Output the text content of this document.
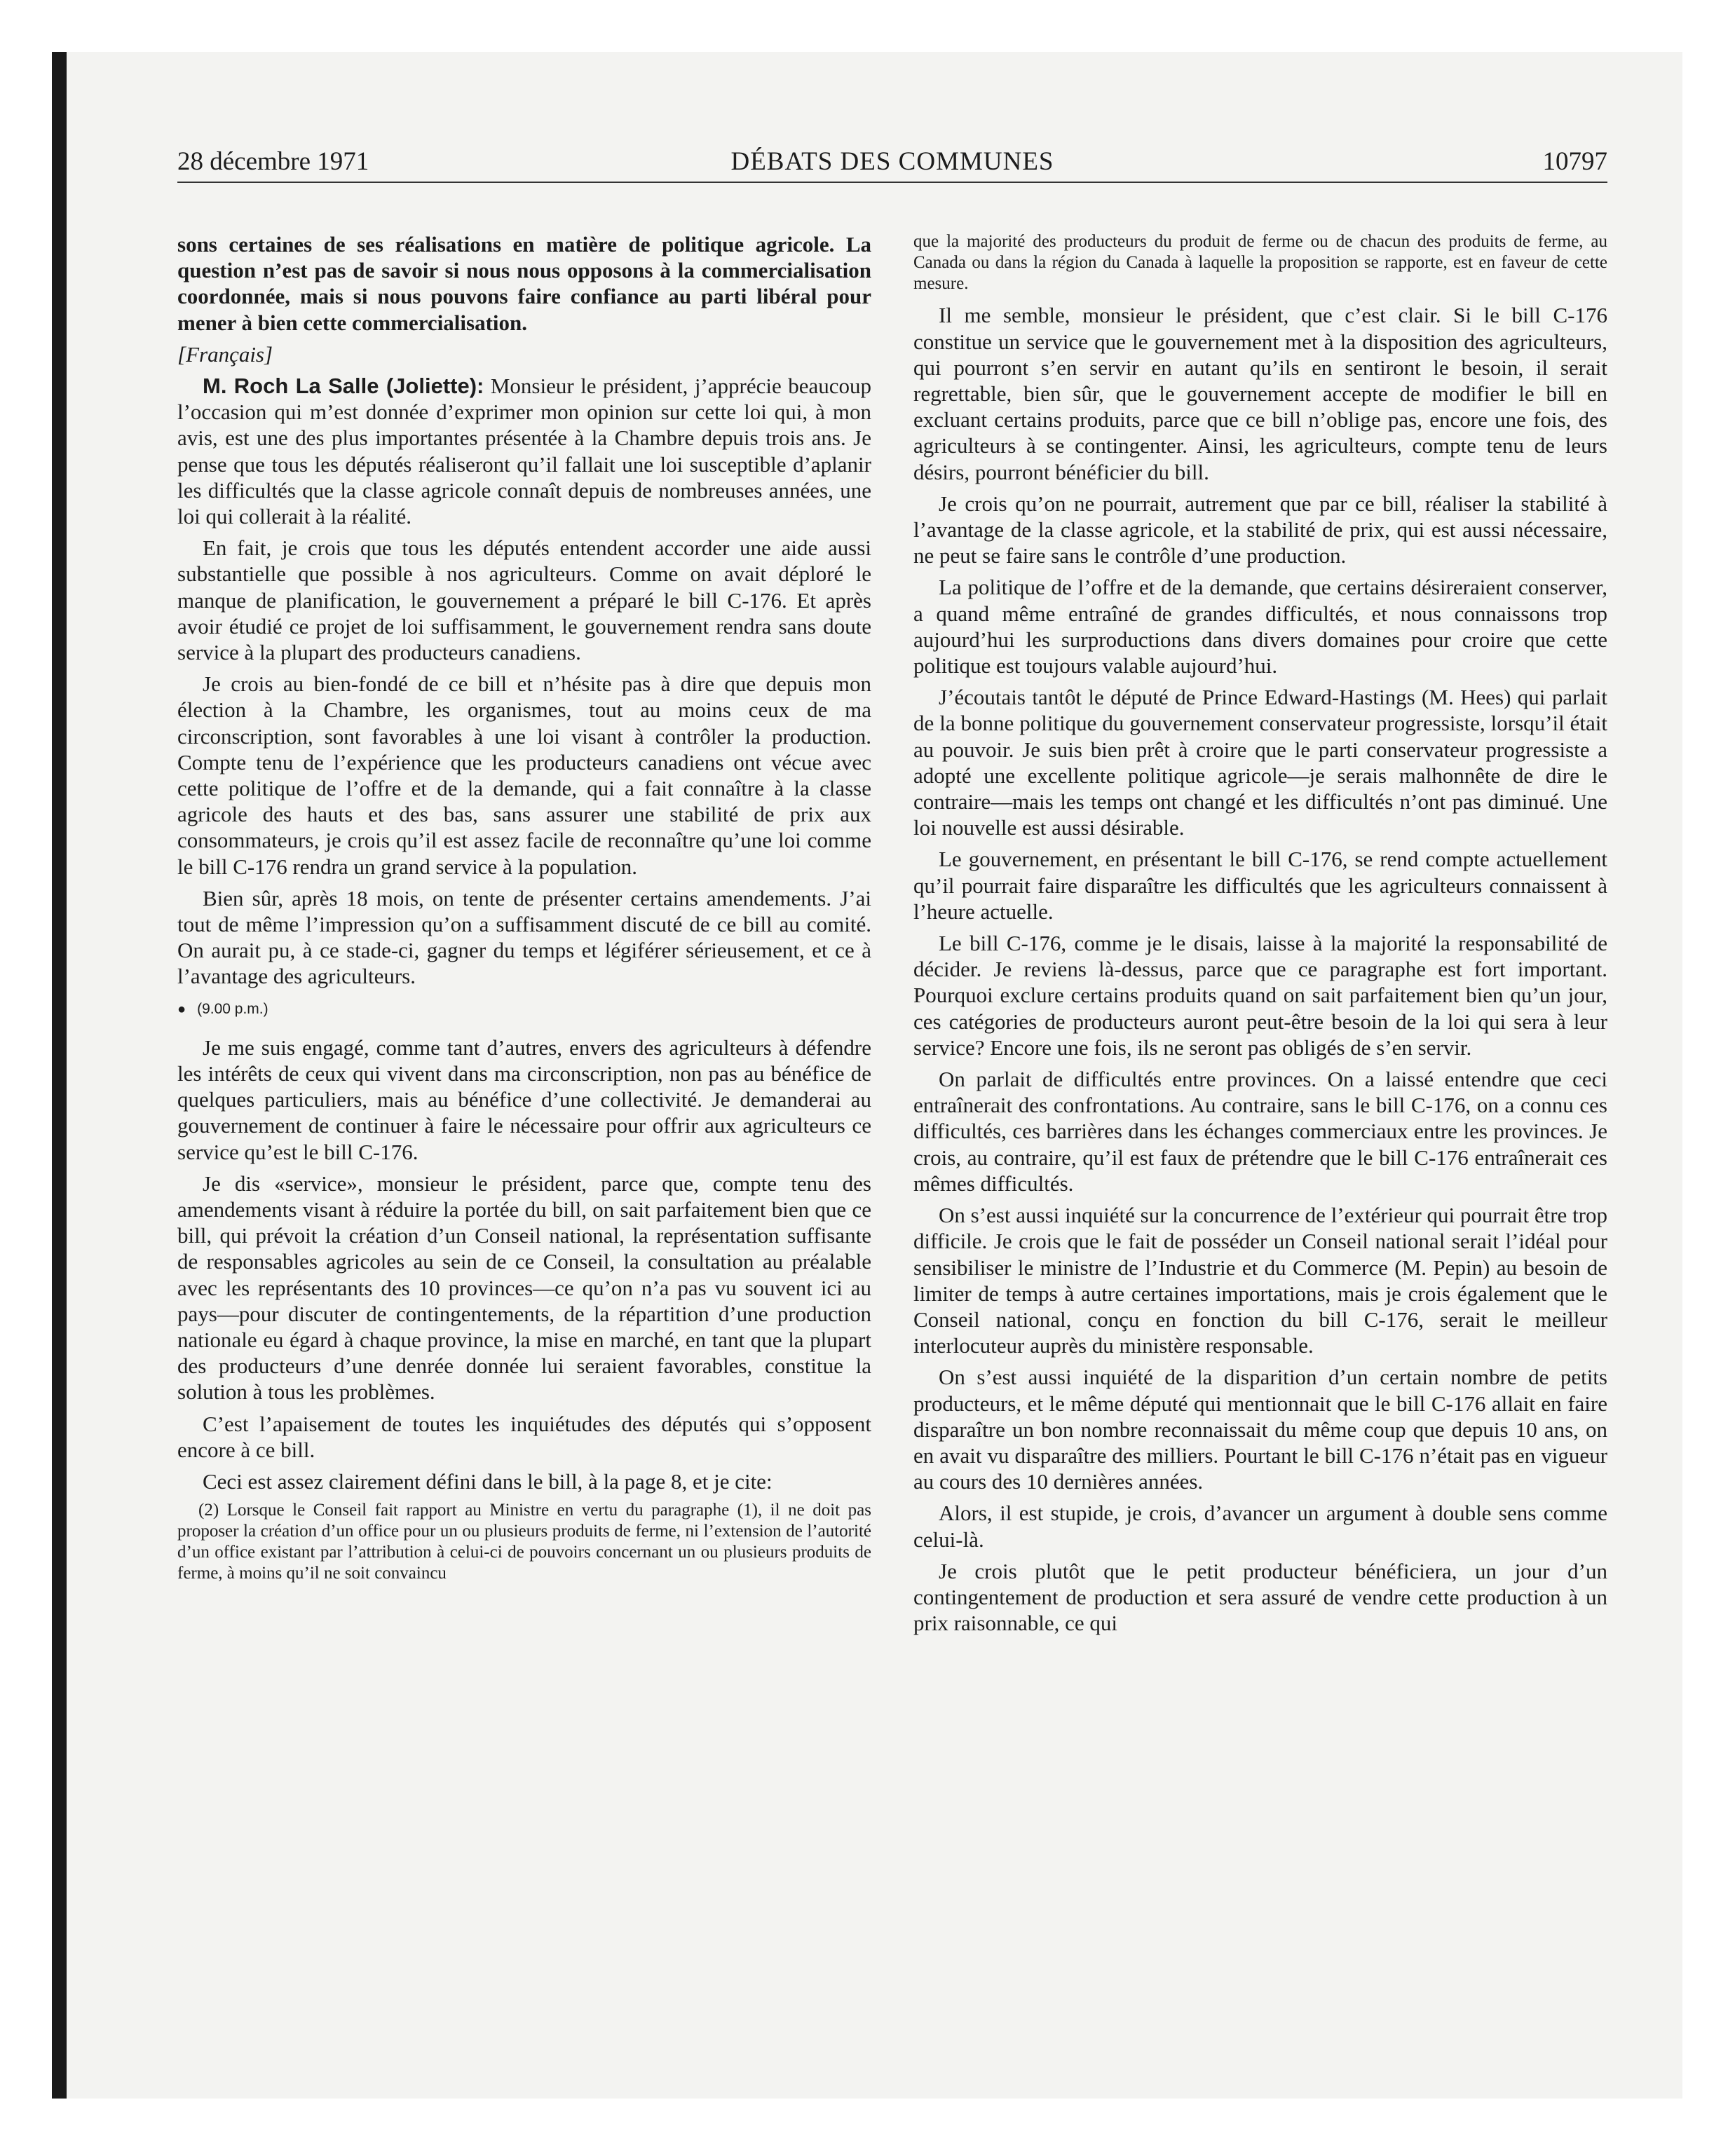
28 décembre 1971	DÉBATS DES COMMUNES	10797

sons certaines de ses réalisations en matière de politique agricole. La question n’est pas de savoir si nous nous opposons à la commercialisation coordonnée, mais si nous pouvons faire confiance au parti libéral pour mener à bien cette commercialisation.

[Français]

M. Roch La Salle (Joliette): Monsieur le président, j’apprécie beaucoup l’occasion qui m’est donnée d’exprimer mon opinion sur cette loi qui, à mon avis, est une des plus importantes présentée à la Chambre depuis trois ans. Je pense que tous les députés réaliseront qu’il fallait une loi susceptible d’aplanir les difficultés que la classe agricole connaît depuis de nombreuses années, une loi qui collerait à la réalité.

En fait, je crois que tous les députés entendent accorder une aide aussi substantielle que possible à nos agriculteurs. Comme on avait déploré le manque de planification, le gouvernement a préparé le bill C-176. Et après avoir étudié ce projet de loi suffisamment, le gouvernement rendra sans doute service à la plupart des producteurs canadiens.

Je crois au bien-fondé de ce bill et n’hésite pas à dire que depuis mon élection à la Chambre, les organismes, tout au moins ceux de ma circonscription, sont favorables à une loi visant à contrôler la production. Compte tenu de l’expérience que les producteurs canadiens ont vécue avec cette politique de l’offre et de la demande, qui a fait connaître à la classe agricole des hauts et des bas, sans assurer une stabilité de prix aux consommateurs, je crois qu’il est assez facile de reconnaître qu’une loi comme le bill C-176 rendra un grand service à la population.

Bien sûr, après 18 mois, on tente de présenter certains amendements. J’ai tout de même l’impression qu’on a suffisamment discuté de ce bill au comité. On aurait pu, à ce stade-ci, gagner du temps et légiférer sérieusement, et ce à l’avantage des agriculteurs.

● (9.00 p.m.)

Je me suis engagé, comme tant d’autres, envers des agriculteurs à défendre les intérêts de ceux qui vivent dans ma circonscription, non pas au bénéfice de quelques particuliers, mais au bénéfice d’une collectivité. Je demanderai au gouvernement de continuer à faire le nécessaire pour offrir aux agriculteurs ce service qu’est le bill C-176.

Je dis «service», monsieur le président, parce que, compte tenu des amendements visant à réduire la portée du bill, on sait parfaitement bien que ce bill, qui prévoit la création d’un Conseil national, la représentation suffisante de responsables agricoles au sein de ce Conseil, la consultation au préalable avec les représentants des 10 provinces—ce qu’on n’a pas vu souvent ici au pays—pour discuter de contingentements, de la répartition d’une production nationale eu égard à chaque province, la mise en marché, en tant que la plupart des producteurs d’une denrée donnée lui seraient favorables, constitue la solution à tous les problèmes.

C’est l’apaisement de toutes les inquiétudes des députés qui s’opposent encore à ce bill.

Ceci est assez clairement défini dans le bill, à la page 8, et je cite:

(2) Lorsque le Conseil fait rapport au Ministre en vertu du paragraphe (1), il ne doit pas proposer la création d’un office pour un ou plusieurs produits de ferme, ni l’extension de l’autorité d’un office existant par l’attribution à celui-ci de pouvoirs concernant un ou plusieurs produits de ferme, à moins qu’il ne soit convaincu
que la majorité des producteurs du produit de ferme ou de chacun des produits de ferme, au Canada ou dans la région du Canada à laquelle la proposition se rapporte, est en faveur de cette mesure.

Il me semble, monsieur le président, que c’est clair. Si le bill C-176 constitue un service que le gouvernement met à la disposition des agriculteurs, qui pourront s’en servir en autant qu’ils en sentiront le besoin, il serait regrettable, bien sûr, que le gouvernement accepte de modifier le bill en excluant certains produits, parce que ce bill n’oblige pas, encore une fois, des agriculteurs à se contingenter. Ainsi, les agriculteurs, compte tenu de leurs désirs, pourront bénéficier du bill.

Je crois qu’on ne pourrait, autrement que par ce bill, réaliser la stabilité à l’avantage de la classe agricole, et la stabilité de prix, qui est aussi nécessaire, ne peut se faire sans le contrôle d’une production.

La politique de l’offre et de la demande, que certains désireraient conserver, a quand même entraîné de grandes difficultés, et nous connaissons trop aujourd’hui les surproductions dans divers domaines pour croire que cette politique est toujours valable aujourd’hui.

J’écoutais tantôt le député de Prince Edward-Hastings (M. Hees) qui parlait de la bonne politique du gouvernement conservateur progressiste, lorsqu’il était au pouvoir. Je suis bien prêt à croire que le parti conservateur progressiste a adopté une excellente politique agricole—je serais malhonnête de dire le contraire—mais les temps ont changé et les difficultés n’ont pas diminué. Une loi nouvelle est aussi désirable.

Le gouvernement, en présentant le bill C-176, se rend compte actuellement qu’il pourrait faire disparaître les difficultés que les agriculteurs connaissent à l’heure actuelle.

Le bill C-176, comme je le disais, laisse à la majorité la responsabilité de décider. Je reviens là-dessus, parce que ce paragraphe est fort important. Pourquoi exclure certains produits quand on sait parfaitement bien qu’un jour, ces catégories de producteurs auront peut-être besoin de la loi qui sera à leur service? Encore une fois, ils ne seront pas obligés de s’en servir.

On parlait de difficultés entre provinces. On a laissé entendre que ceci entraînerait des confrontations. Au contraire, sans le bill C-176, on a connu ces difficultés, ces barrières dans les échanges commerciaux entre les provinces. Je crois, au contraire, qu’il est faux de prétendre que le bill C-176 entraînerait ces mêmes difficultés.

On s’est aussi inquiété sur la concurrence de l’extérieur qui pourrait être trop difficile. Je crois que le fait de posséder un Conseil national serait l’idéal pour sensibiliser le ministre de l’Industrie et du Commerce (M. Pepin) au besoin de limiter de temps à autre certaines importations, mais je crois également que le Conseil national, conçu en fonction du bill C-176, serait le meilleur interlocuteur auprès du ministère responsable.

On s’est aussi inquiété de la disparition d’un certain nombre de petits producteurs, et le même député qui mentionnait que le bill C-176 allait en faire disparaître un bon nombre reconnaissait du même coup que depuis 10 ans, on en avait vu disparaître des milliers. Pourtant le bill C-176 n’était pas en vigueur au cours des 10 dernières années.

Alors, il est stupide, je crois, d’avancer un argument à double sens comme celui-là.

Je crois plutôt que le petit producteur bénéficiera, un jour d’un contingentement de production et sera assuré de vendre cette production à un prix raisonnable, ce qui
